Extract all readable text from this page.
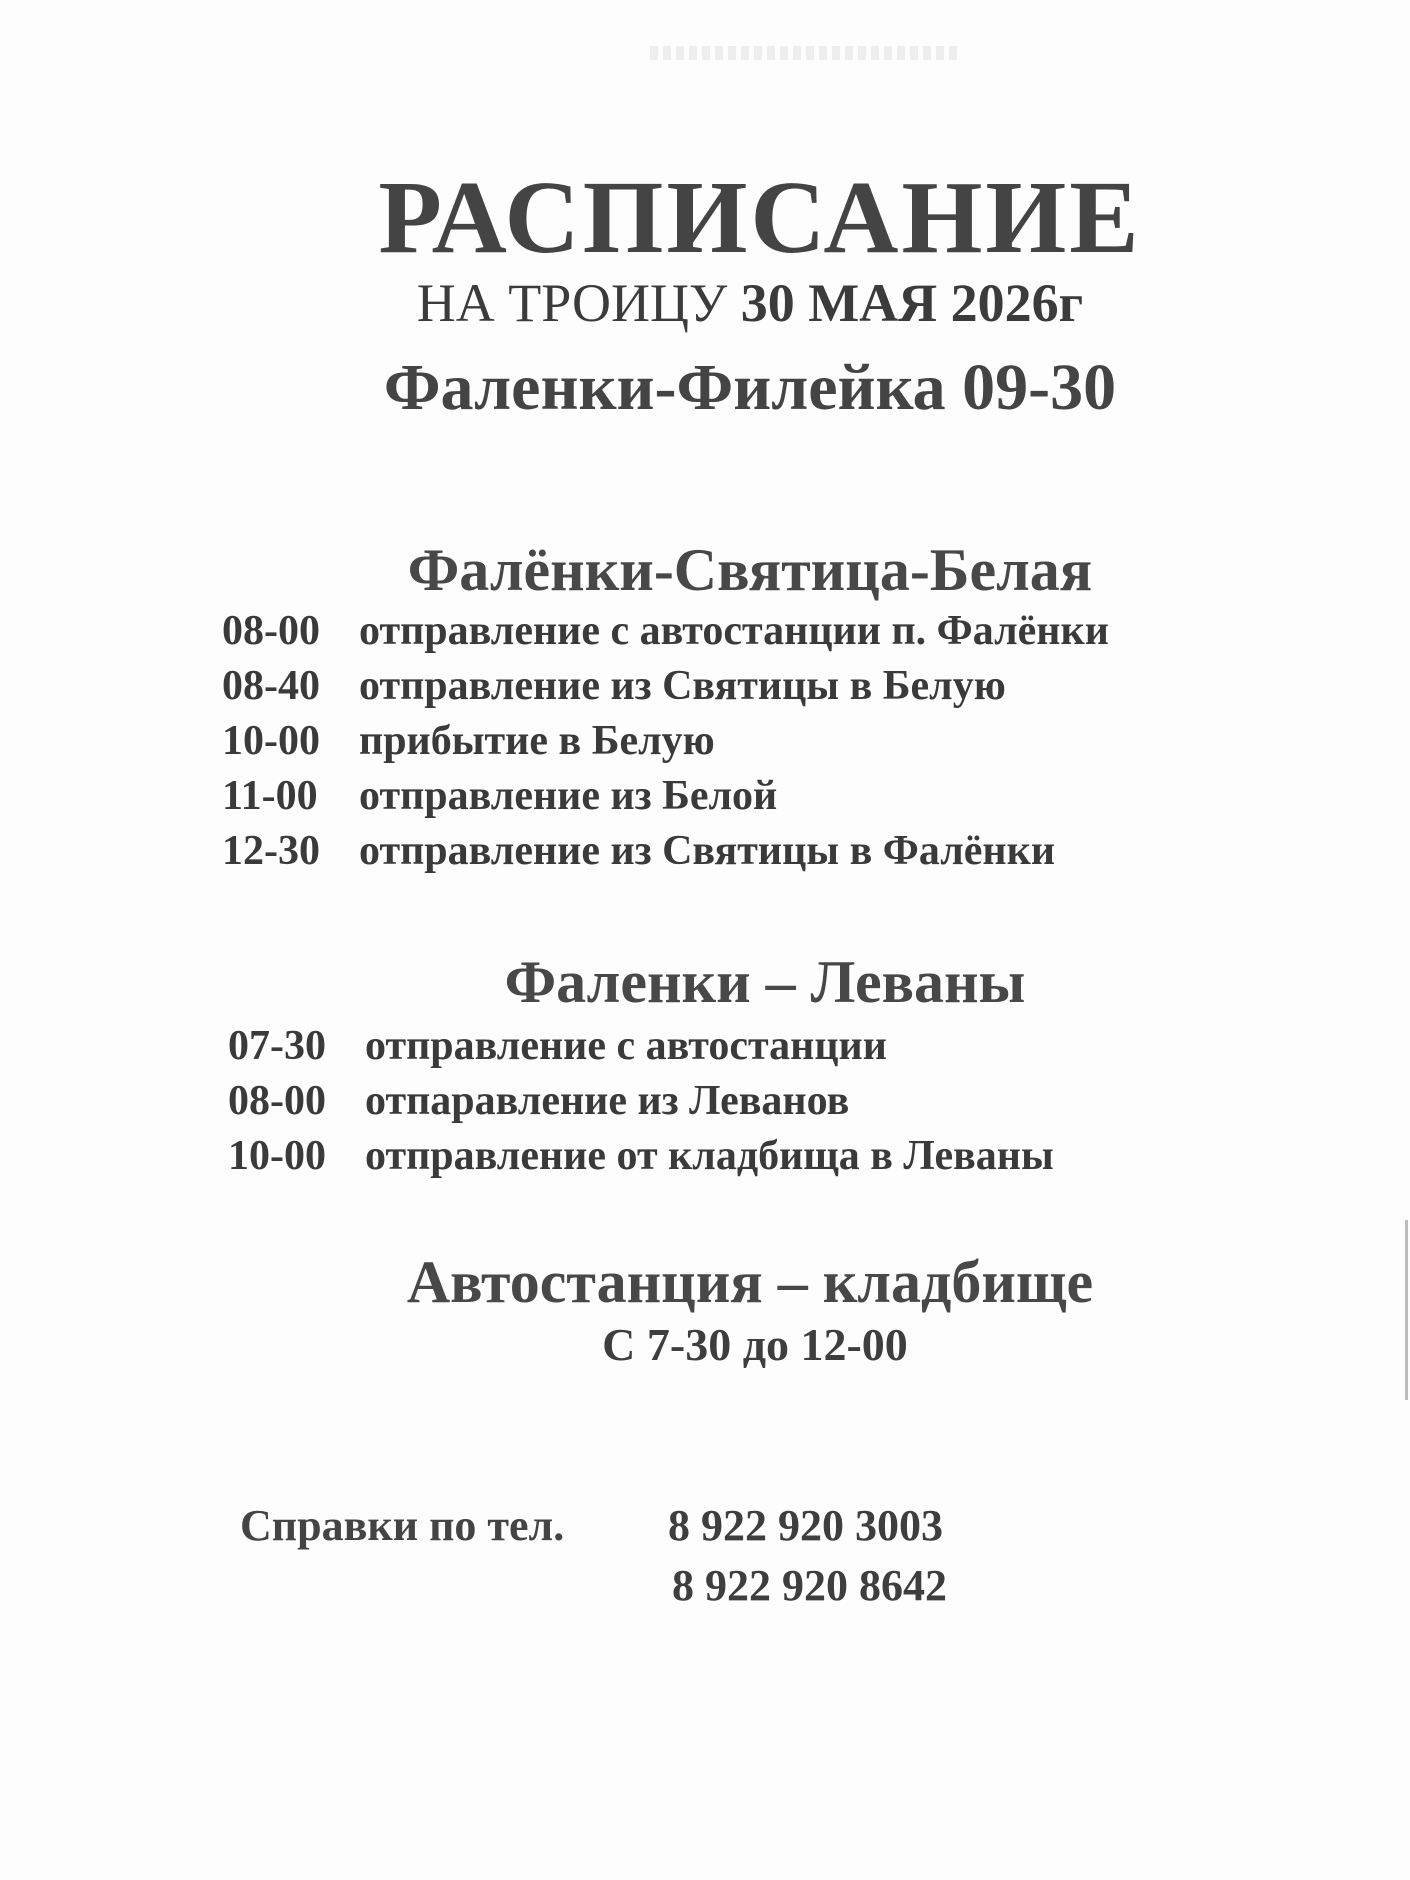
РАСПИСАНИЕ
НА ТРОИЦУ 30 МАЯ 2026г
Фаленки-Филейка 09-30
Фалёнки-Святица-Белая
08-00 отправление с автостанции п. Фалёнки
08-40 отправление из Святицы в Белую
10-00 прибытие в Белую
11-00 отправление из Белой
12-30 отправление из Святицы в Фалёнки
Фаленки – Леваны
07-30 отправление с автостанции
08-00 отпаравление из Леванов
10-00 отправление от кладбища в Леваны
Автостанция – кладбище
С 7-30 до 12-00
Справки по тел. 8 922 920 3003
8 922 920 8642
